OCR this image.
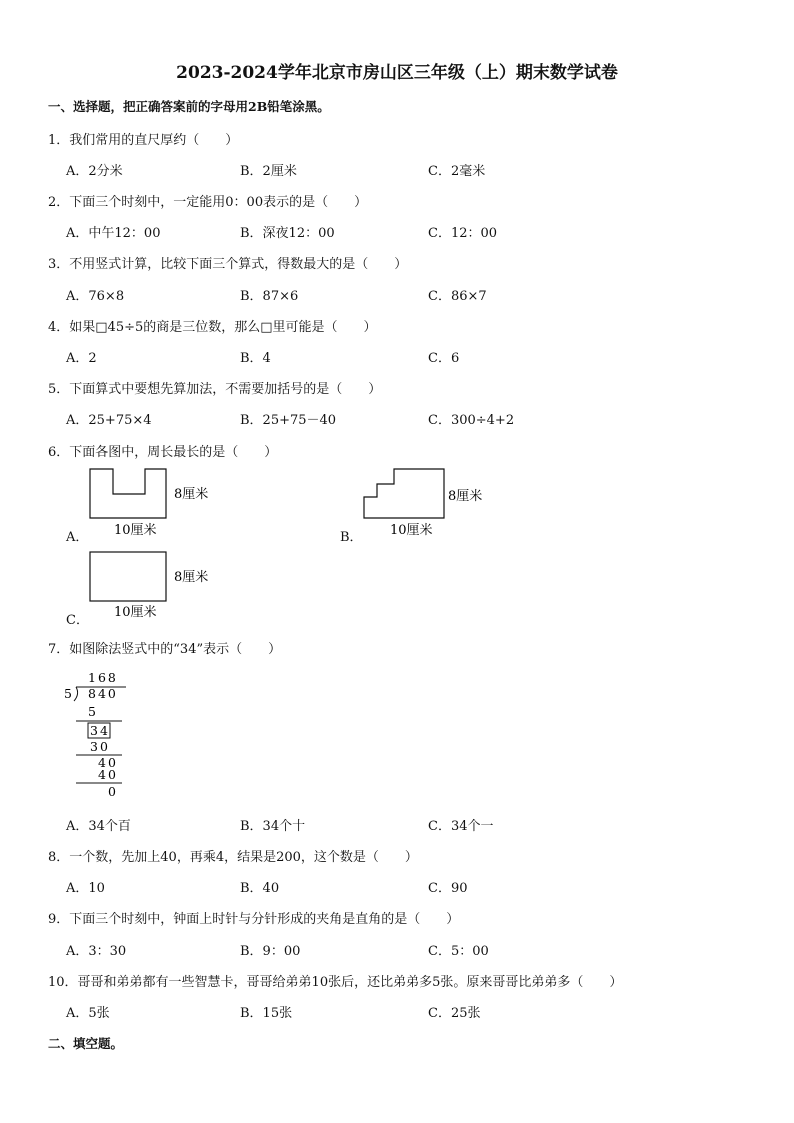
2023-2024学年北京市房山区三年级（上）期末数学试卷
一、选择题，把正确答案前的字母用2B铅笔涂黑。
1．我们常用的直尺厚约（　　）
A．2分米	B．2厘米	C．2毫米
2．下面三个时刻中，一定能用0：00表示的是（　　）
A．中午12：00	B．深夜12：00	C．12：00
3．不用竖式计算，比较下面三个算式，得数最大的是（　　）
A．76×8	B．87×6	C．86×7
4．如果□45÷5的商是三位数，那么□里可能是（　　）
A．2	B．4	C．6
5．下面算式中要想先算加法，不需要加括号的是（　　）
A．25+75×4	B．25+75－40	C．300÷4+2
6．下面各图中，周长最长的是（　　）
A．	B．
C．
8厘米
10厘米
8厘米
10厘米
8厘米
10厘米
7．如图除法竖式中的“34”表示（　　）
168
5 840
5
34
30
40
40
0
A．34个百	B．34个十	C．34个一
8．一个数，先加上40，再乘4，结果是200，这个数是（　　）
A．10	B．40	C．90
9．下面三个时刻中，钟面上时针与分针形成的夹角是直角的是（　　）
A．3：30	B．9：00	C．5：00
10．哥哥和弟弟都有一些智慧卡，哥哥给弟弟10张后，还比弟弟多5张。原来哥哥比弟弟多（　　）
A．5张	B．15张	C．25张
二、填空题。
